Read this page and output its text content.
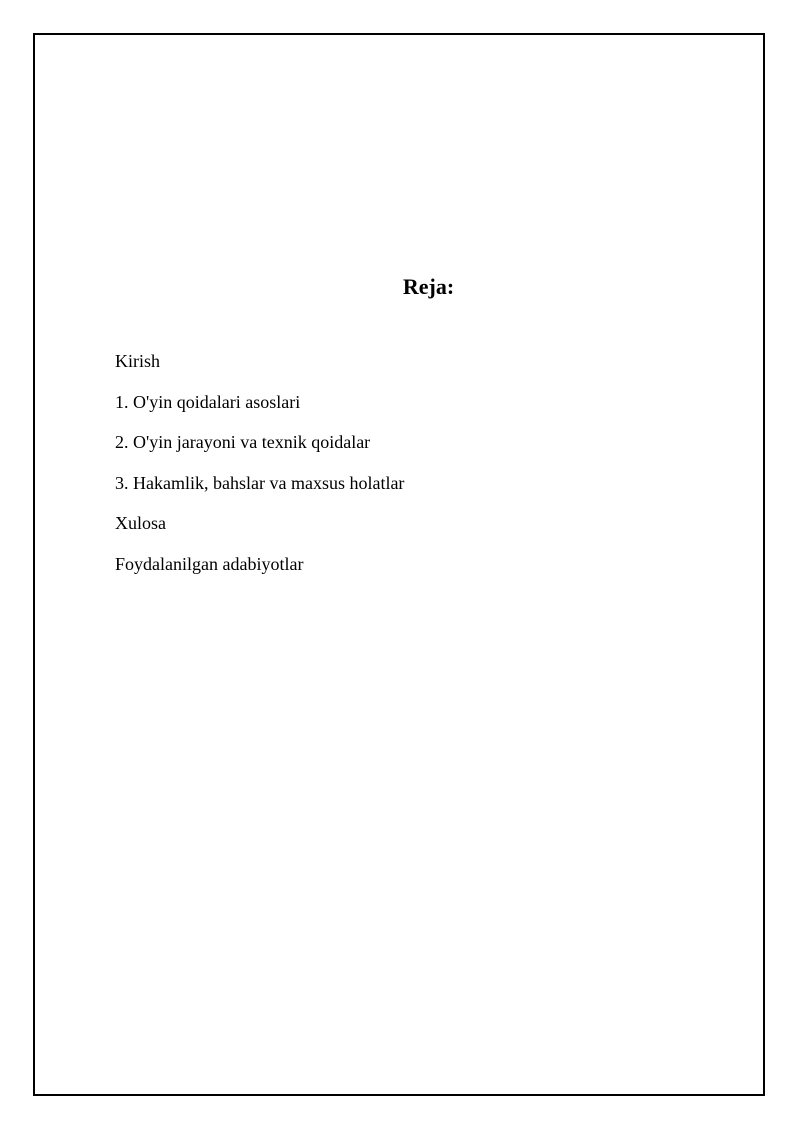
Reja:
Kirish
1. O'yin qoidalari asoslari
2. O'yin jarayoni va texnik qoidalar
3. Hakamlik, bahslar va maxsus holatlar
Xulosa
Foydalanilgan adabiyotlar
